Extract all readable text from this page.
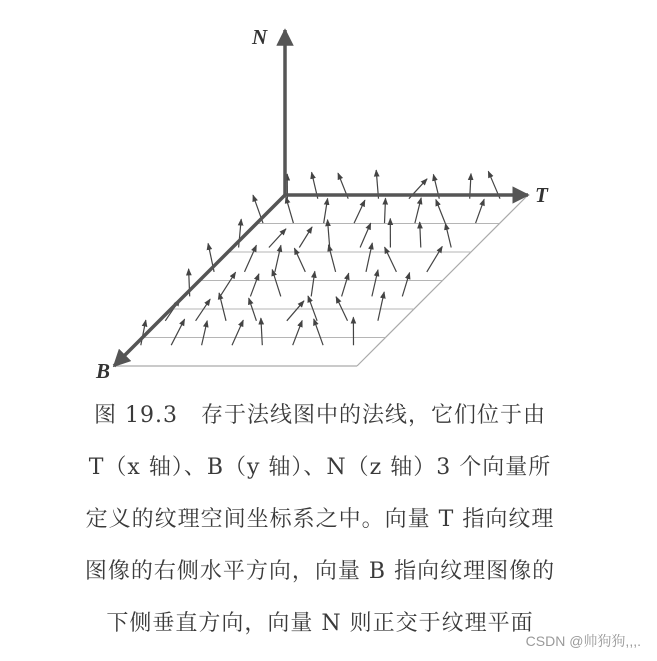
N
T
B
图 19.3　存于法线图中的法线，它们位于由
T（x 轴）、B（y 轴）、N（z 轴）3 个向量所
定义的纹理空间坐标系之中。向量 T 指向纹理
图像的右侧水平方向，向量 B 指向纹理图像的
下侧垂直方向，向量 N 则正交于纹理平面
CSDN @帅狗狗,,,.
